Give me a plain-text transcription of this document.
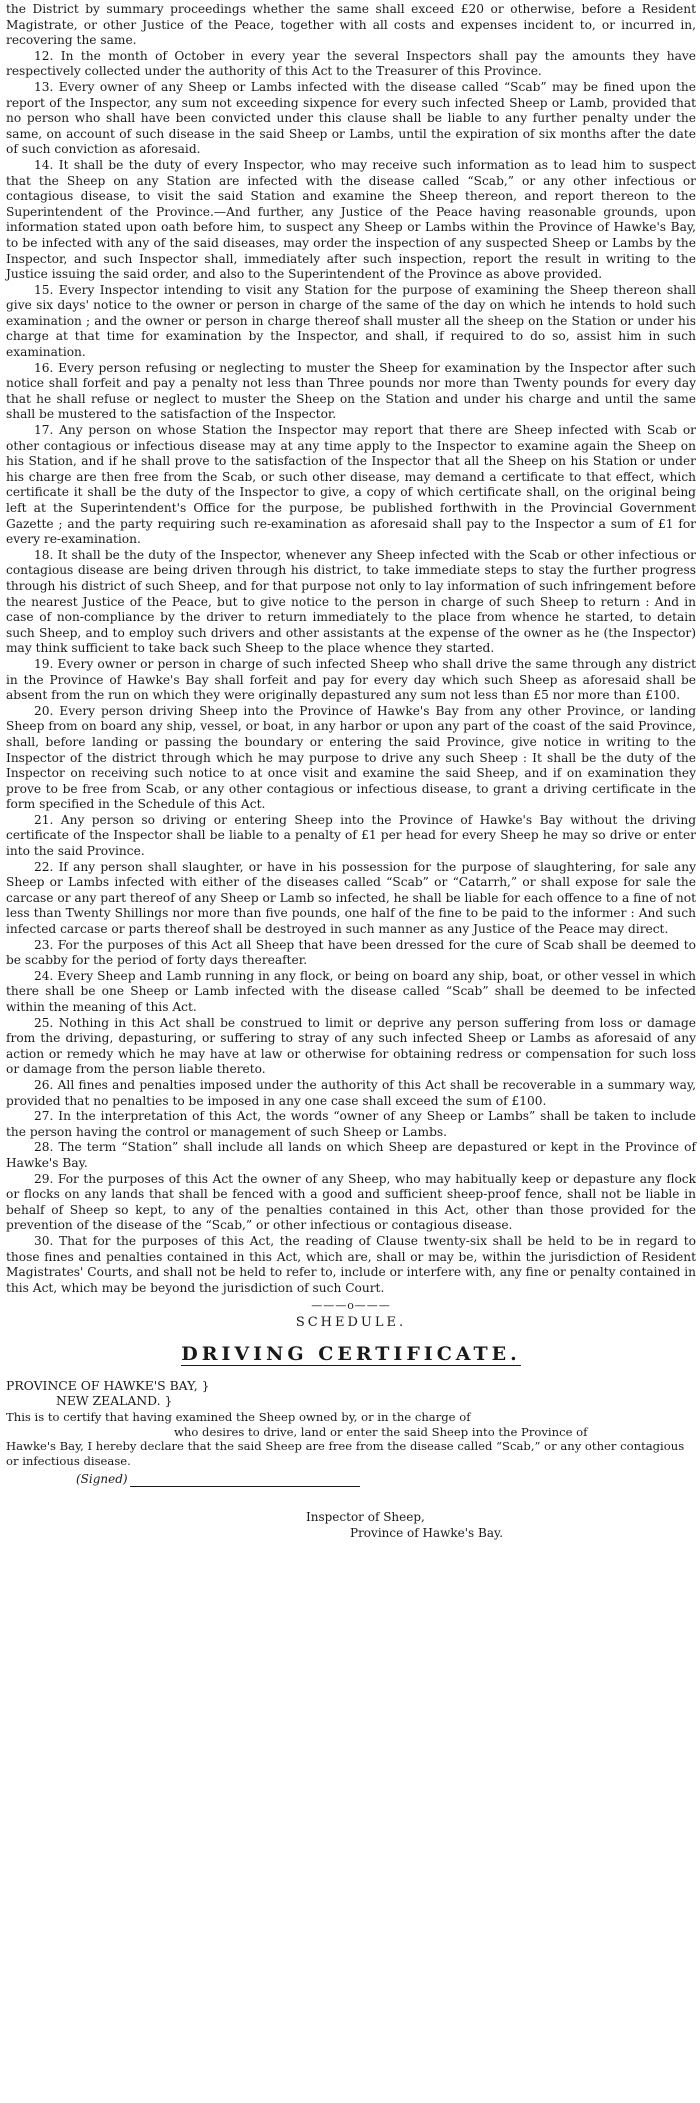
the District by summary proceedings whether the same shall exceed £20 or otherwise, before a Resident Magistrate, or other Justice of the Peace, together with all costs and expenses incident to, or incurred in, recovering the same.

12. In the month of October in every year the several Inspectors shall pay the amounts they have respectively collected under the authority of this Act to the Treasurer of this Province.

13. Every owner of any Sheep or Lambs infected with the disease called “Scab” may be fined upon the report of the Inspector, any sum not exceeding sixpence for every such infected Sheep or Lamb, provided that no person who shall have been convicted under this clause shall be liable to any further penalty under the same, on account of such disease in the said Sheep or Lambs, until the expiration of six months after the date of such conviction as aforesaid.

14. It shall be the duty of every Inspector, who may receive such information as to lead him to suspect that the Sheep on any Station are infected with the disease called “Scab,” or any other infectious or contagious disease, to visit the said Station and examine the Sheep thereon, and report thereon to the Superintendent of the Province.—And further, any Justice of the Peace having reasonable grounds, upon information stated upon oath before him, to suspect any Sheep or Lambs within the Province of Hawke's Bay, to be infected with any of the said diseases, may order the inspection of any suspected Sheep or Lambs by the Inspector, and such Inspector shall, immediately after such inspection, report the result in writing to the Justice issuing the said order, and also to the Superintendent of the Province as above provided.

15. Every Inspector intending to visit any Station for the purpose of examining the Sheep thereon shall give six days' notice to the owner or person in charge of the same of the day on which he intends to hold such examination ; and the owner or person in charge thereof shall muster all the sheep on the Station or under his charge at that time for examination by the Inspector, and shall, if required to do so, assist him in such examination.

16. Every person refusing or neglecting to muster the Sheep for examination by the Inspector after such notice shall forfeit and pay a penalty not less than Three pounds nor more than Twenty pounds for every day that he shall refuse or neglect to muster the Sheep on the Station and under his charge and until the same shall be mustered to the satisfaction of the Inspector.

17. Any person on whose Station the Inspector may report that there are Sheep infected with Scab or other contagious or infectious disease may at any time apply to the Inspector to examine again the Sheep on his Station, and if he shall prove to the satisfaction of the Inspector that all the Sheep on his Station or under his charge are then free from the Scab, or such other disease, may demand a certificate to that effect, which certificate it shall be the duty of the Inspector to give, a copy of which certificate shall, on the original being left at the Superintendent's Office for the purpose, be published forthwith in the Provincial Government Gazette ; and the party requiring such re-examination as aforesaid shall pay to the Inspector a sum of £1 for every re-examination.

18. It shall be the duty of the Inspector, whenever any Sheep infected with the Scab or other infectious or contagious disease are being driven through his district, to take immediate steps to stay the further progress through his district of such Sheep, and for that purpose not only to lay information of such infringement before the nearest Justice of the Peace, but to give notice to the person in charge of such Sheep to return : And in case of non-compliance by the driver to return immediately to the place from whence he started, to detain such Sheep, and to employ such drivers and other assistants at the expense of the owner as he (the Inspector) may think sufficient to take back such Sheep to the place whence they started.

19. Every owner or person in charge of such infected Sheep who shall drive the same through any district in the Province of Hawke's Bay shall forfeit and pay for every day which such Sheep as aforesaid shall be absent from the run on which they were originally depastured any sum not less than £5 nor more than £100.

20. Every person driving Sheep into the Province of Hawke's Bay from any other Province, or landing Sheep from on board any ship, vessel, or boat, in any harbor or upon any part of the coast of the said Province, shall, before landing or passing the boundary or entering the said Province, give notice in writing to the Inspector of the district through which he may purpose to drive any such Sheep : It shall be the duty of the Inspector on receiving such notice to at once visit and examine the said Sheep, and if on examination they prove to be free from Scab, or any other contagious or infectious disease, to grant a driving certificate in the form specified in the Schedule of this Act.

21. Any person so driving or entering Sheep into the Province of Hawke's Bay without the driving certificate of the Inspector shall be liable to a penalty of £1 per head for every Sheep he may so drive or enter into the said Province.

22. If any person shall slaughter, or have in his possession for the purpose of slaughtering, for sale any Sheep or Lambs infected with either of the diseases called “Scab” or “Catarrh,” or shall expose for sale the carcase or any part thereof of any Sheep or Lamb so infected, he shall be liable for each offence to a fine of not less than Twenty Shillings nor more than five pounds, one half of the fine to be paid to the informer : And such infected carcase or parts thereof shall be destroyed in such manner as any Justice of the Peace may direct.

23. For the purposes of this Act all Sheep that have been dressed for the cure of Scab shall be deemed to be scabby for the period of forty days thereafter.

24. Every Sheep and Lamb running in any flock, or being on board any ship, boat, or other vessel in which there shall be one Sheep or Lamb infected with the disease called “Scab” shall be deemed to be infected within the meaning of this Act.

25. Nothing in this Act shall be construed to limit or deprive any person suffering from loss or damage from the driving, depasturing, or suffering to stray of any such infected Sheep or Lambs as aforesaid of any action or remedy which he may have at law or otherwise for obtaining redress or compensation for such loss or damage from the person liable thereto.

26. All fines and penalties imposed under the authority of this Act shall be recoverable in a summary way, provided that no penalties to be imposed in any one case shall exceed the sum of £100.

27. In the interpretation of this Act, the words “owner of any Sheep or Lambs” shall be taken to include the person having the control or management of such Sheep or Lambs.

28. The term “Station” shall include all lands on which Sheep are depastured or kept in the Province of Hawke's Bay.

29. For the purposes of this Act the owner of any Sheep, who may habitually keep or depasture any flock or flocks on any lands that shall be fenced with a good and sufficient sheep-proof fence, shall not be liable in behalf of Sheep so kept, to any of the penalties contained in this Act, other than those provided for the prevention of the disease of the “Scab,” or other infectious or contagious disease.

30. That for the purposes of this Act, the reading of Clause twenty-six shall be held to be in regard to those fines and penalties contained in this Act, which are, shall or may be, within the jurisdiction of Resident Magistrates' Courts, and shall not be held to refer to, include or interfere with, any fine or penalty contained in this Act, which may be beyond the jurisdiction of such Court.

———o———
SCHEDULE.
DRIVING CERTIFICATE.
PROVINCE OF HAWKE'S BAY, }
NEW ZEALAND. }
This is to certify that having examined the Sheep owned by, or in the charge of
who desires to drive, land or enter the said Sheep into the Province of
Hawke's Bay, I hereby declare that the said Sheep are free from the disease called “Scab,” or any other contagious or infectious disease.
(Signed)
Inspector of Sheep,
Province of Hawke's Bay.
